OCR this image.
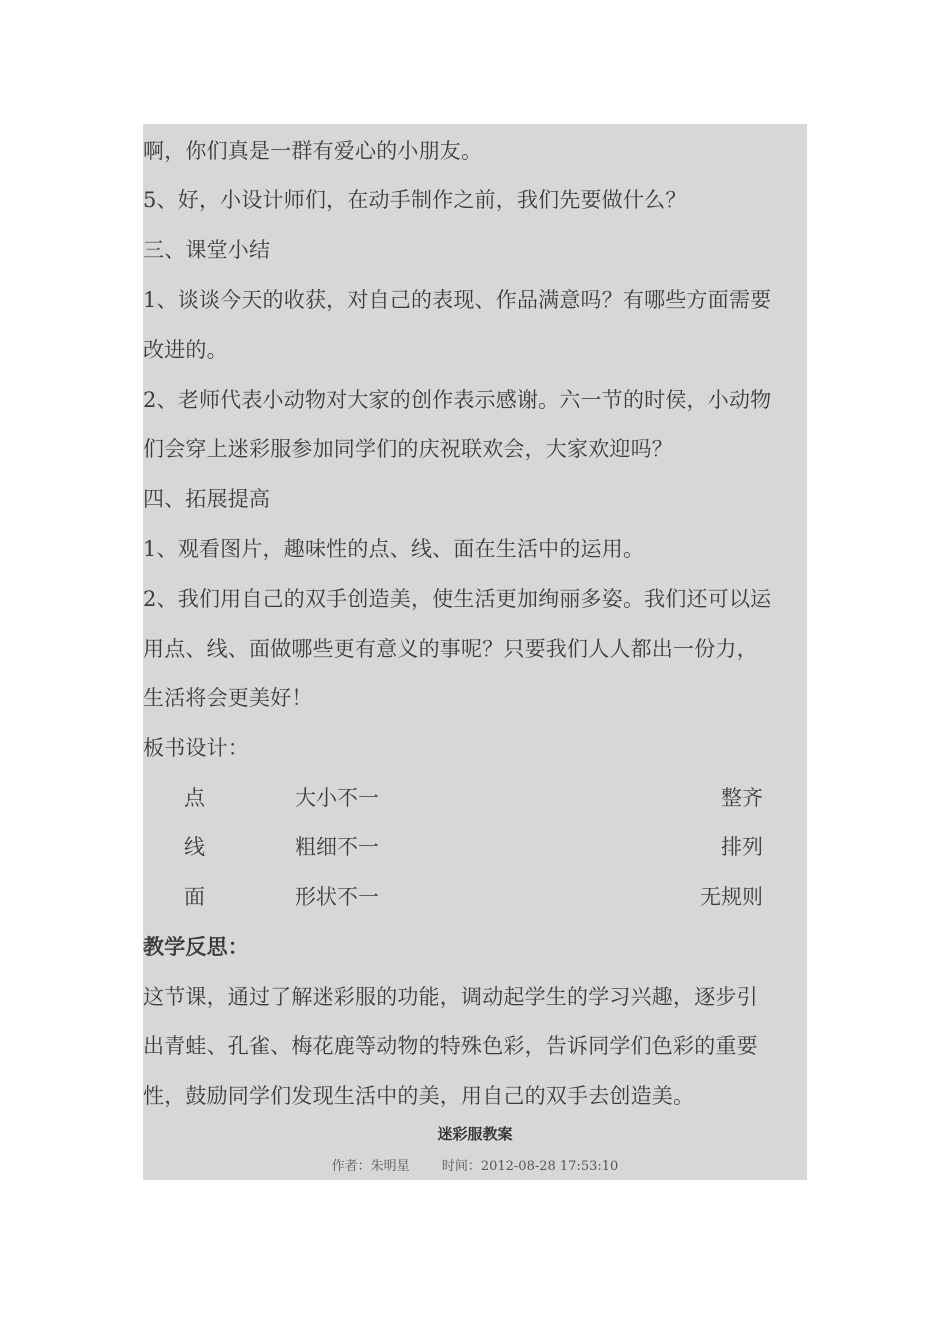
啊，你们真是一群有爱心的小朋友。
5、好，小设计师们，在动手制作之前，我们先要做什么？
三、课堂小结
1、谈谈今天的收获，对自己的表现、作品满意吗？有哪些方面需要
改进的。
2、老师代表小动物对大家的创作表示感谢。六一节的时侯，小动物
们会穿上迷彩服参加同学们的庆祝联欢会，大家欢迎吗？
四、拓展提高
1、观看图片，趣味性的点、线、面在生活中的运用。
2、我们用自己的双手创造美，使生活更加绚丽多姿。我们还可以运
用点、线、面做哪些更有意义的事呢？只要我们人人都出一份力，
生活将会更美好！
板书设计：
点	大小不一	整齐
线	粗细不一	排列
面	形状不一	无规则
教学反思：
这节课，通过了解迷彩服的功能，调动起学生的学习兴趣，逐步引
出青蛙、孔雀、梅花鹿等动物的特殊色彩，告诉同学们色彩的重要
性，鼓励同学们发现生活中的美，用自己的双手去创造美。
迷彩服教案
作者：朱明星 时间：2012-08-28 17:53:10
